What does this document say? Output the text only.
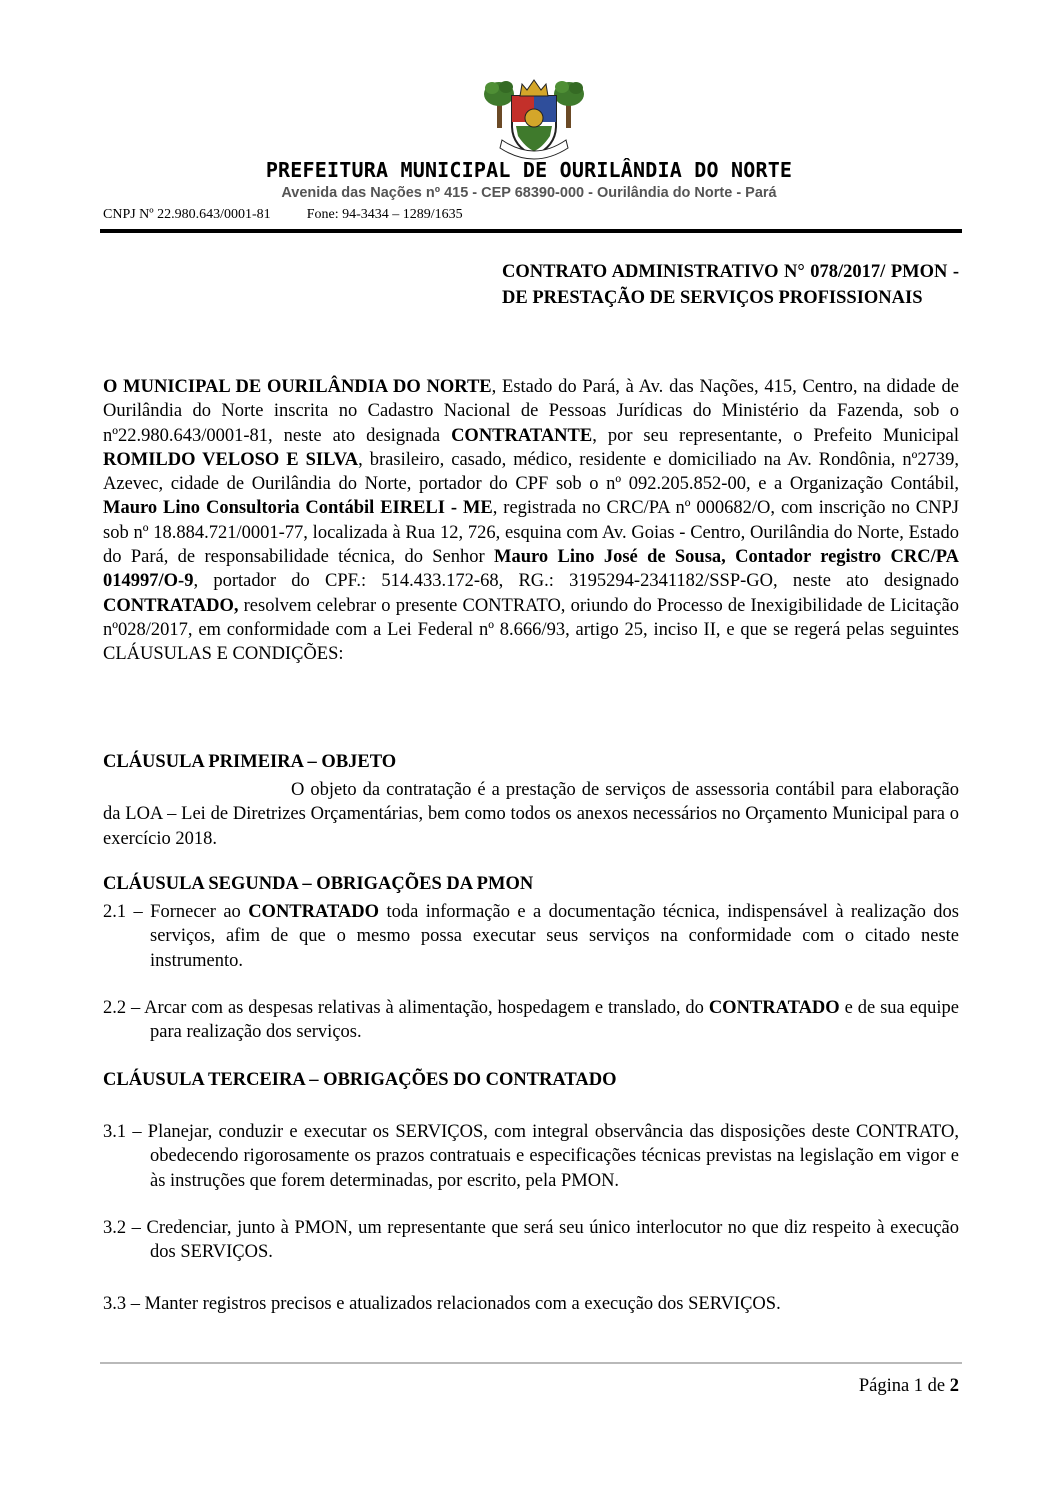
PREFEITURA MUNICIPAL DE OURILÂNDIA DO NORTE
Avenida das Nações nº 415 - CEP 68390-000 - Ourilândia do Norte - Pará
CNPJ Nº 22.980.643/0001-81	Fone: 94-3434 – 1289/1635
CONTRATO ADMINISTRATIVO N° 078/2017/ PMON - DE PRESTAÇÃO DE SERVIÇOS PROFISSIONAIS
O MUNICIPAL DE OURILÂNDIA DO NORTE, Estado do Pará, à Av. das Nações, 415, Centro, na didade de Ourilândia do Norte inscrita no Cadastro Nacional de Pessoas Jurídicas do Ministério da Fazenda, sob o nº22.980.643/0001-81, neste ato designada CONTRATANTE, por seu representante, o Prefeito Municipal ROMILDO VELOSO E SILVA, brasileiro, casado, médico, residente e domiciliado na Av. Rondônia, nº2739, Azevec, cidade de Ourilândia do Norte, portador do CPF sob o nº 092.205.852-00, e a Organização Contábil, Mauro Lino Consultoria Contábil EIRELI - ME, registrada no CRC/PA nº 000682/O, com inscrição no CNPJ sob nº 18.884.721/0001-77, localizada à Rua 12, 726, esquina com Av. Goias - Centro, Ourilândia do Norte, Estado do Pará, de responsabilidade técnica, do Senhor Mauro Lino José de Sousa, Contador registro CRC/PA 014997/O-9, portador do CPF.: 514.433.172-68, RG.: 3195294-2341182/SSP-GO, neste ato designado CONTRATADO, resolvem celebrar o presente CONTRATO, oriundo do Processo de Inexigibilidade de Licitação nº028/2017, em conformidade com a Lei Federal nº 8.666/93, artigo 25, inciso II, e que se regerá pelas seguintes CLÁUSULAS E CONDIÇÕES:
CLÁUSULA PRIMEIRA – OBJETO
O objeto da contratação é a prestação de serviços de assessoria contábil para elaboração da LOA – Lei de Diretrizes Orçamentárias, bem como todos os anexos necessários no Orçamento Municipal para o exercício 2018.
CLÁUSULA SEGUNDA – OBRIGAÇÕES DA PMON
2.1 – Fornecer ao CONTRATADO toda informação e a documentação técnica, indispensável à realização dos serviços, afim de que o mesmo possa executar seus serviços na conformidade com o citado neste instrumento.
2.2 – Arcar com as despesas relativas à alimentação, hospedagem e translado, do CONTRATADO e de sua equipe para realização dos serviços.
CLÁUSULA TERCEIRA – OBRIGAÇÕES DO CONTRATADO
3.1 – Planejar, conduzir e executar os SERVIÇOS, com integral observância das disposições deste CONTRATO, obedecendo rigorosamente os prazos contratuais e especificações técnicas previstas na legislação em vigor e às instruções que forem determinadas, por escrito, pela PMON.
3.2 – Credenciar, junto à PMON, um representante que será seu único interlocutor no que diz respeito à execução dos SERVIÇOS.
3.3 – Manter registros precisos e atualizados relacionados com a execução dos SERVIÇOS.
Página 1 de 2
